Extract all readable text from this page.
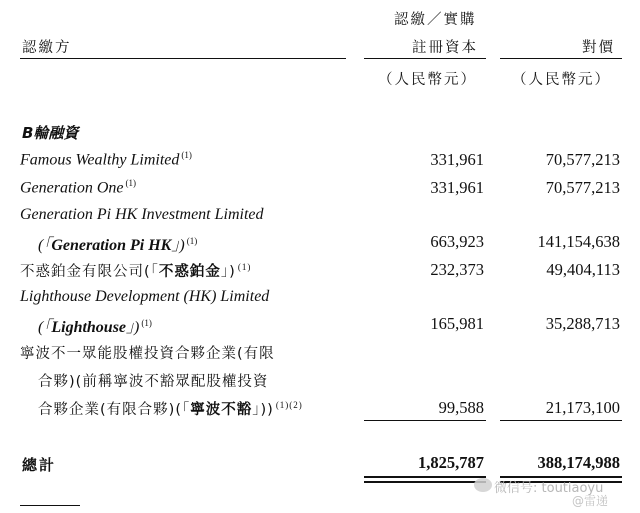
認繳／實購
認繳方	註冊資本	對價
（人民幣元） （人民幣元）
B輪融資
Famous Wealthy Limited $^{(1)}$	331,961	70,577,213
Generation One $^{(1)}$	331,961	70,577,213
Generation Pi HK Investment Limited
(「Generation Pi HK」) $^{(1)}$	663,923	141,154,638
不惑鉑金有限公司(「不惑鉑金」) $^{(1)}$	232,373	49,404,113
Lighthouse Development (HK) Limited
(「Lighthouse」) $^{(1)}$	165,981	35,288,713
寧波不一眾能股權投資合夥企業(有限
合夥)(前稱寧波不豁眾配股權投資
合夥企業(有限合夥)(「寧波不豁」)) $^{(1)(2)}$	99,588	21,173,100
總計	1,825,787	388,174,988
微信号: toutiaoyu
@雷递
